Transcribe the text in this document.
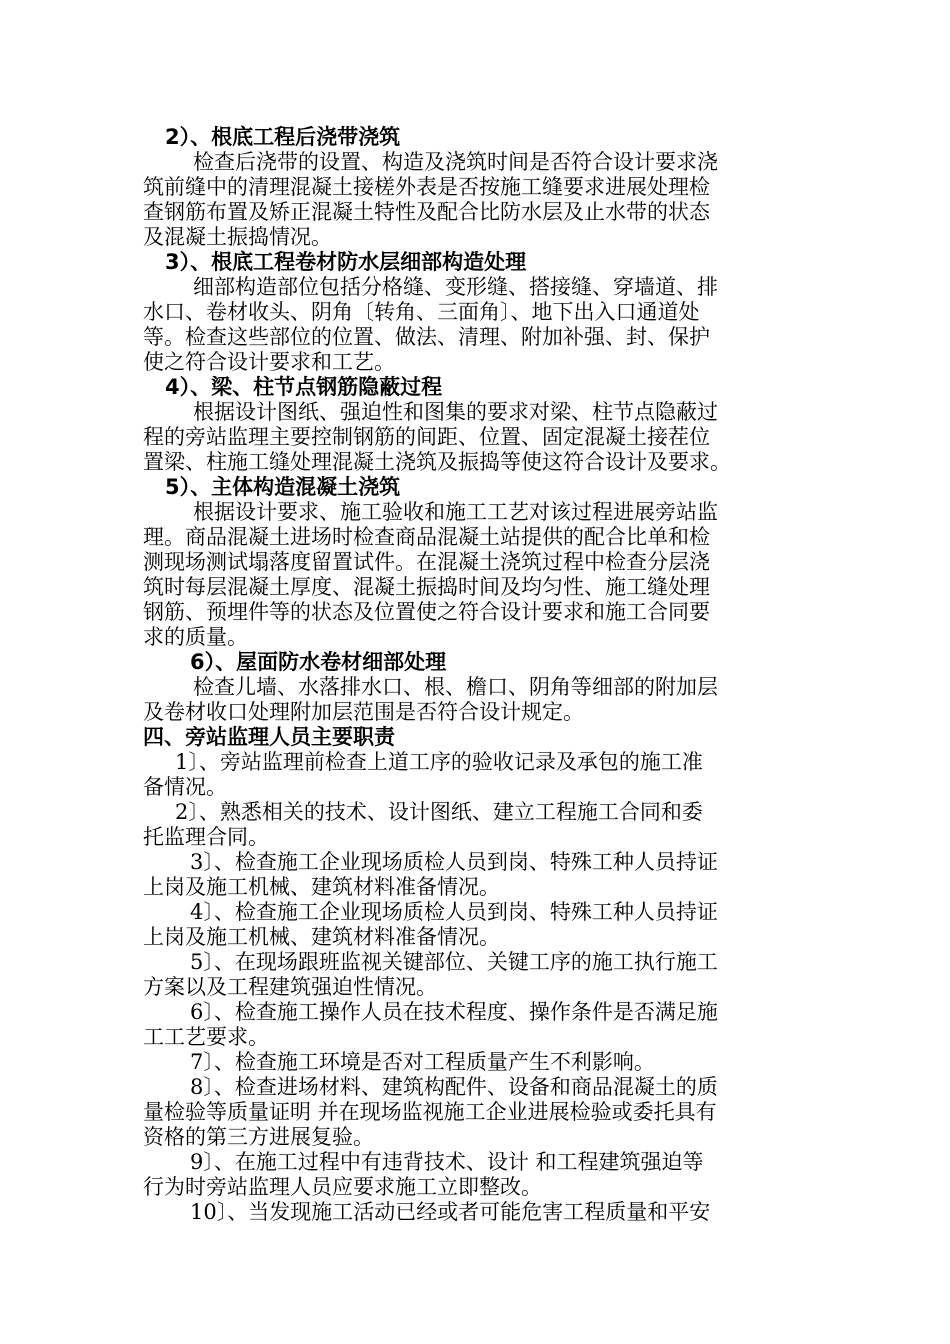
2）、根底工程后浇带浇筑
检查后浇带的设置、构造及浇筑时间是否符合设计要求浇
筑前缝中的清理混凝土接槎外表是否按施工缝要求进展处理检
查钢筋布置及矫正混凝土特性及配合比防水层及止水带的状态
及混凝土振捣情况。
3）、根底工程卷材防水层细部构造处理
细部构造部位包括分格缝、变形缝、搭接缝、穿墙道、排
水口、卷材收头、阴角〔转角、三面角〕、地下出入口通道处
等。检查这些部位的位置、做法、清理、附加补强、封、保护
使之符合设计要求和工艺。
4）、梁、柱节点钢筋隐蔽过程
根据设计图纸、强迫性和图集的要求对梁、柱节点隐蔽过
程的旁站监理主要控制钢筋的间距、位置、固定混凝土接茬位
置梁、柱施工缝处理混凝土浇筑及振捣等使这符合设计及要求。
5）、主体构造混凝土浇筑
根据设计要求、施工验收和施工工艺对该过程进展旁站监
理。商品混凝土进场时检查商品混凝土站提供的配合比单和检
测现场测试塌落度留置试件。在混凝土浇筑过程中检查分层浇
筑时每层混凝土厚度、混凝土振捣时间及均匀性、施工缝处理
钢筋、预埋件等的状态及位置使之符合设计要求和施工合同要
求的质量。
6）、屋面防水卷材细部处理
检查儿墙、水落排水口、根、檐口、阴角等细部的附加层
及卷材收口处理附加层范围是否符合设计规定。
四、旁站监理人员主要职责
1〕、旁站监理前检查上道工序的验收记录及承包的施工准
备情况。
2〕、熟悉相关的技术、设计图纸、建立工程施工合同和委
托监理合同。
3〕、检查施工企业现场质检人员到岗、特殊工种人员持证
上岗及施工机械、建筑材料准备情况。
4〕、检查施工企业现场质检人员到岗、特殊工种人员持证
上岗及施工机械、建筑材料准备情况。
5〕、在现场跟班监视关键部位、关键工序的施工执行施工
方案以及工程建筑强迫性情况。
6〕、检查施工操作人员在技术程度、操作条件是否满足施
工工艺要求。
7〕、检查施工环境是否对工程质量产生不利影响。
8〕、检查进场材料、建筑构配件、设备和商品混凝土的质
量检验等质量证明 并在现场监视施工企业进展检验或委托具有
资格的第三方进展复验。
9〕、在施工过程中有违背技术、设计 和工程建筑强迫等
行为时旁站监理人员应要求施工立即整改。
10〕、当发现施工活动已经或者可能危害工程质量和平安
